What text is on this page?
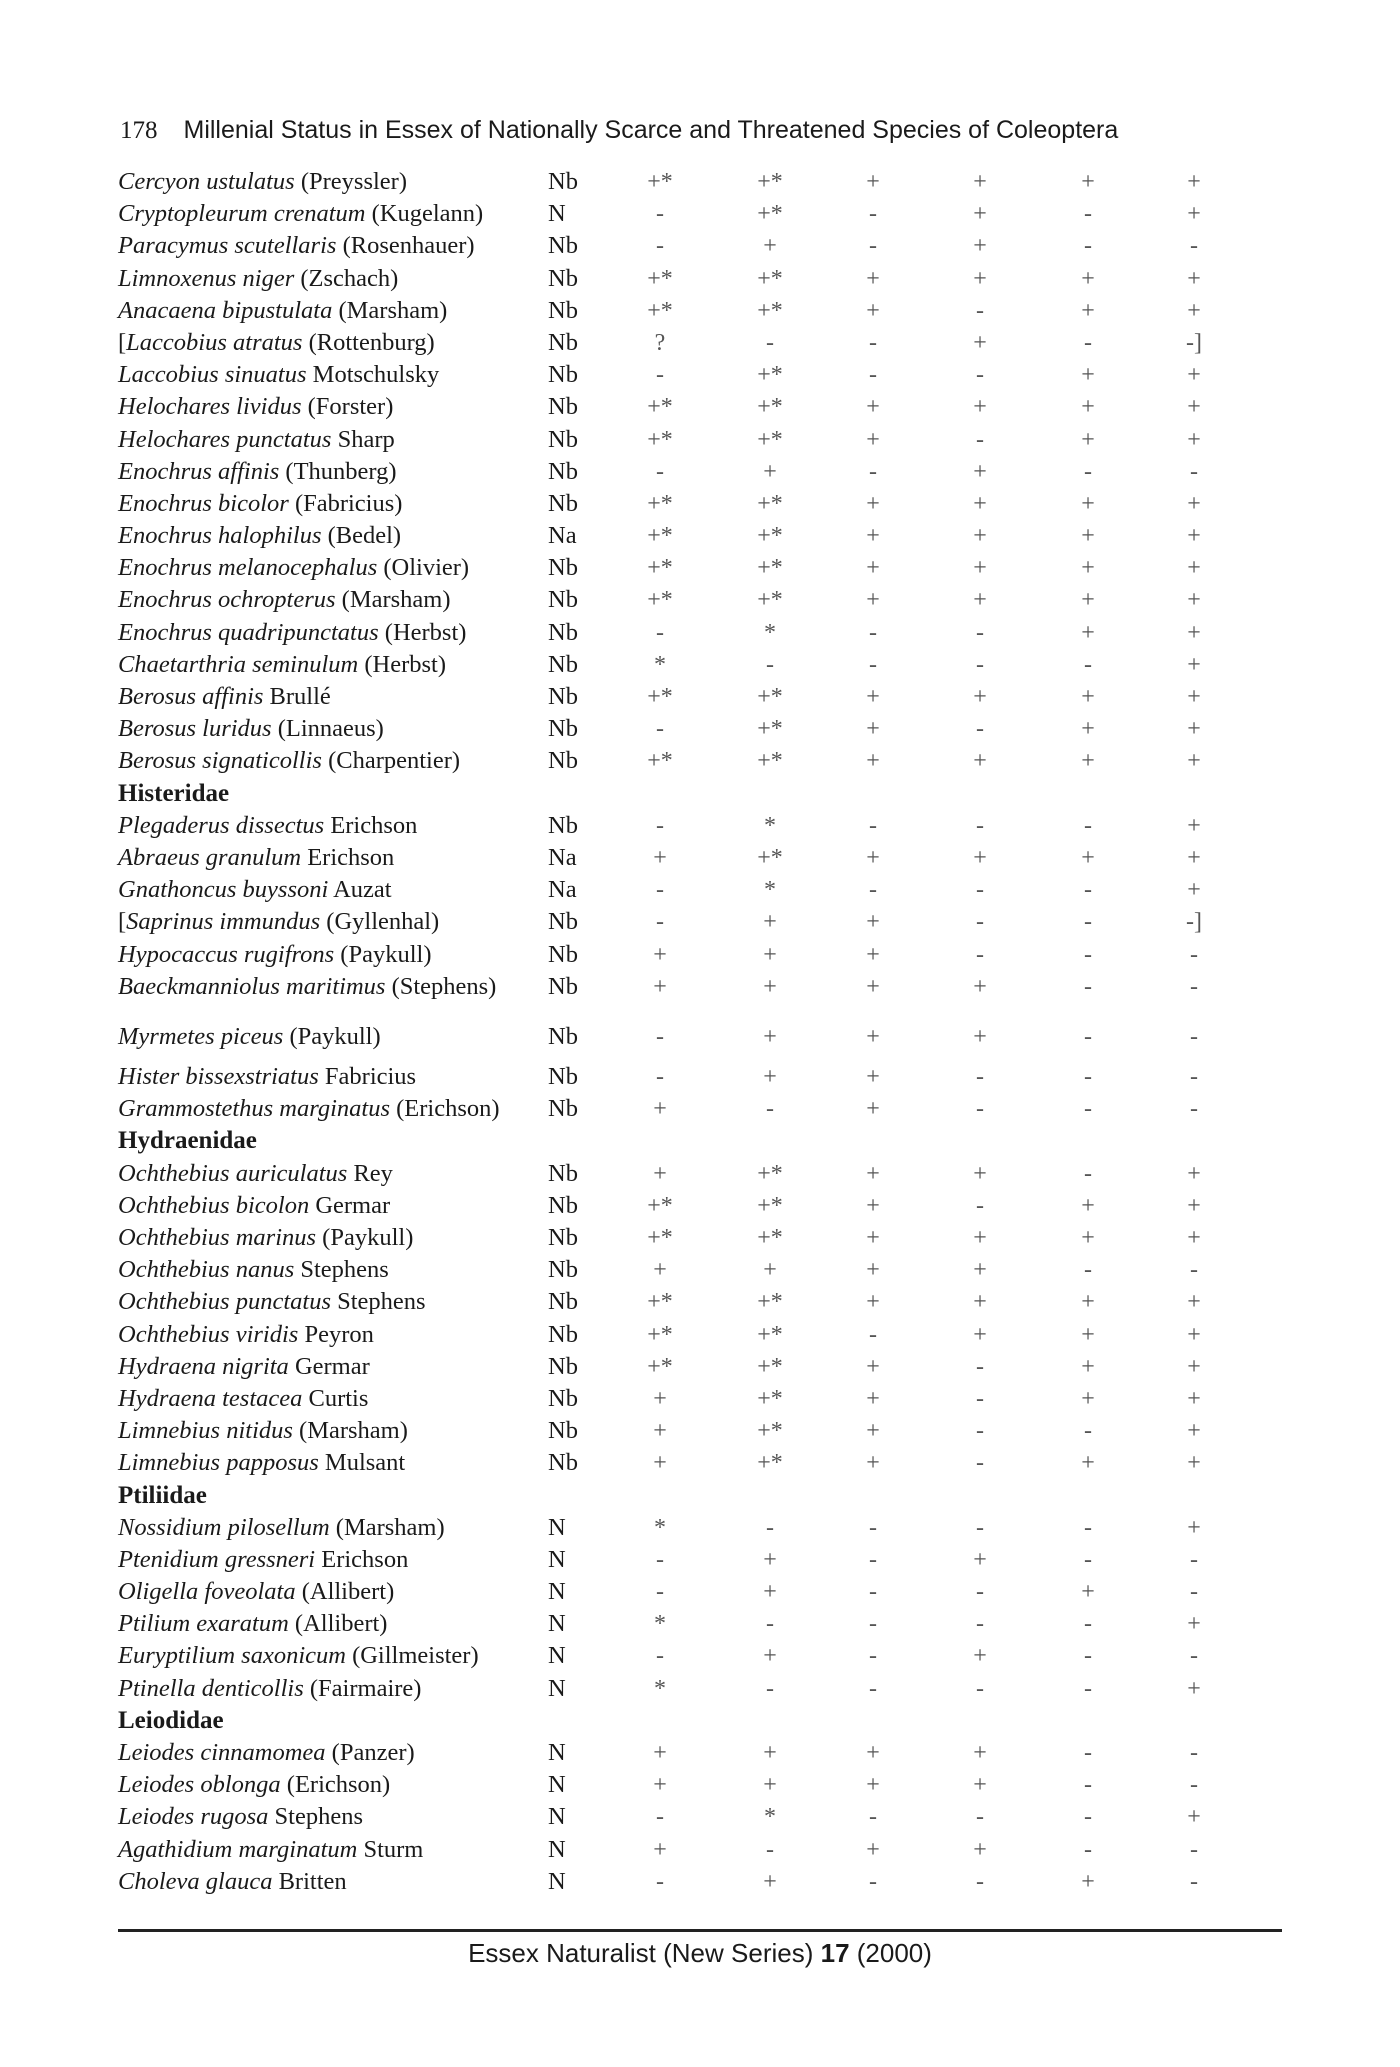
178 Millenial Status in Essex of Nationally Scarce and Threatened Species of Coleoptera
Cercyon ustulatus (Preyssler)	Nb	+*	+*	+	+	+	+
Cryptopleurum crenatum (Kugelann)	N	-	+*	-	+	-	+
Paracymus scutellaris (Rosenhauer)	Nb	-	+	-	+	-	-
Limnoxenus niger (Zschach)	Nb	+*	+*	+	+	+	+
Anacaena bipustulata (Marsham)	Nb	+*	+*	+	-	+	+
[Laccobius atratus (Rottenburg)	Nb	?	-	-	+	-	-]
Laccobius sinuatus Motschulsky	Nb	-	+*	-	-	+	+
Helochares lividus (Forster)	Nb	+*	+*	+	+	+	+
Helochares punctatus Sharp	Nb	+*	+*	+	-	+	+
Enochrus affinis (Thunberg)	Nb	-	+	-	+	-	-
Enochrus bicolor (Fabricius)	Nb	+*	+*	+	+	+	+
Enochrus halophilus (Bedel)	Na	+*	+*	+	+	+	+
Enochrus melanocephalus (Olivier)	Nb	+*	+*	+	+	+	+
Enochrus ochropterus (Marsham)	Nb	+*	+*	+	+	+	+
Enochrus quadripunctatus (Herbst)	Nb	-	*	-	-	+	+
Chaetarthria seminulum (Herbst)	Nb	*	-	-	-	-	+
Berosus affinis Brullé	Nb	+*	+*	+	+	+	+
Berosus luridus (Linnaeus)	Nb	-	+*	+	-	+	+
Berosus signaticollis (Charpentier)	Nb	+*	+*	+	+	+	+
Histeridae
Plegaderus dissectus Erichson	Nb	-	*	-	-	-	+
Abraeus granulum Erichson	Na	+	+*	+	+	+	+
Gnathoncus buyssoni Auzat	Na	-	*	-	-	-	+
[Saprinus immundus (Gyllenhal)	Nb	-	+	+	-	-	-]
Hypocaccus rugifrons (Paykull)	Nb	+	+	+	-	-	-
Baeckmanniolus maritimus (Stephens) Nb	+	+	+	+	-	-
Myrmetes piceus (Paykull)	Nb	-	+	+	+	-	-
Hister bissexstriatus Fabricius	Nb	-	+	+	-	-	-
Grammostethus marginatus (Erichson) Nb	+	-	+	-	-	-
Hydraenidae
Ochthebius auriculatus Rey	Nb	+	+*	+	+	-	+
Ochthebius bicolon Germar	Nb	+*	+*	+	-	+	+
Ochthebius marinus (Paykull)	Nb	+*	+*	+	+	+	+
Ochthebius nanus Stephens	Nb	+	+	+	+	-	-
Ochthebius punctatus Stephens	Nb	+*	+*	+	+	+	+
Ochthebius viridis Peyron	Nb	+*	+*	-	+	+	+
Hydraena nigrita Germar	Nb	+*	+*	+	-	+	+
Hydraena testacea Curtis	Nb	+	+*	+	-	+	+
Limnebius nitidus (Marsham)	Nb	+	+*	+	-	-	+
Limnebius papposus Mulsant	Nb	+	+*	+	-	+	+
Ptiliidae
Nossidium pilosellum (Marsham)	N	*	-	-	-	-	+
Ptenidium gressneri Erichson	N	-	+	-	+	-	-
Oligella foveolata (Allibert)	N	-	+	-	-	+	-
Ptilium exaratum (Allibert)	N	*	-	-	-	-	+
Euryptilium saxonicum (Gillmeister)	N	-	+	-	+	-	-
Ptinella denticollis (Fairmaire)	N	*	-	-	-	-	+
Leiodidae
Leiodes cinnamomea (Panzer)	N	+	+	+	+	-	-
Leiodes oblonga (Erichson)	N	+	+	+	+	-	-
Leiodes rugosa Stephens	N	-	*	-	-	-	+
Agathidium marginatum Sturm	N	+	-	+	+	-	-
Choleva glauca Britten	N	-	+	-	-	+	-
Essex Naturalist (New Series) 17 (2000)
